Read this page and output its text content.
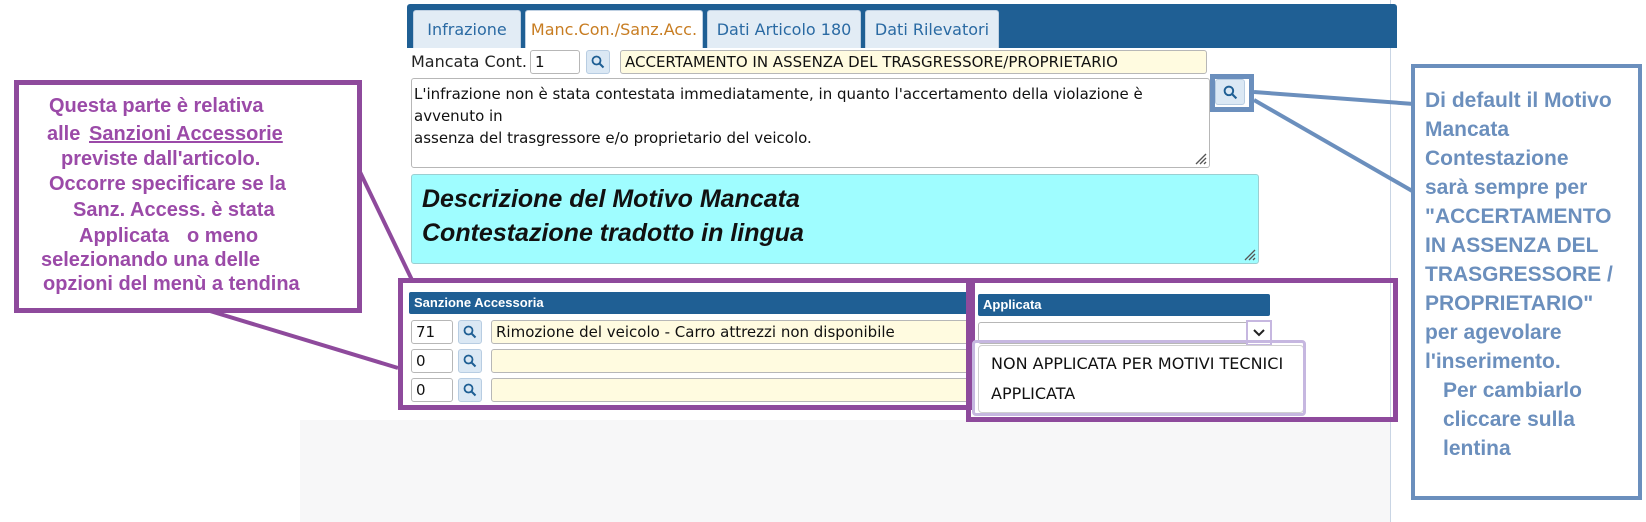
Infrazione	Manc.Con./Sanz.Acc.	Dati Articolo 180	Dati Rilevatori
Mancata Cont. 1	ACCERTAMENTO IN ASSENZA DEL TRASGRESSORE/PROPRIETARIO
L'infrazione non è stata contestata immediatamente, in quanto l'accertamento della violazione è avvenuto in
assenza del trasgressore e/o proprietario del veicolo.
Descrizione del Motivo Mancata
Contestazione tradotto in lingua
Sanzione Accessoria
71	Rimozione del veicolo - Carro attrezzi non disponibile
0
0
Applicata
NON APPLICATA PER MOTIVI TECNICI
APPLICATA
Questa parte è relativa
alle Sanzioni Accessorie
previste dall'articolo.
Occorre specificare se la
Sanz. Access. è stata
Applicata o meno
selezionando una delle
opzioni del menù a tendina
Di default il Motivo
Mancata
Contestazione
sarà sempre per
"ACCERTAMENTO
IN ASSENZA DEL
TRASGRESSORE /
PROPRIETARIO"
per agevolare
l'inserimento.
Per cambiarlo
cliccare sulla
lentina
